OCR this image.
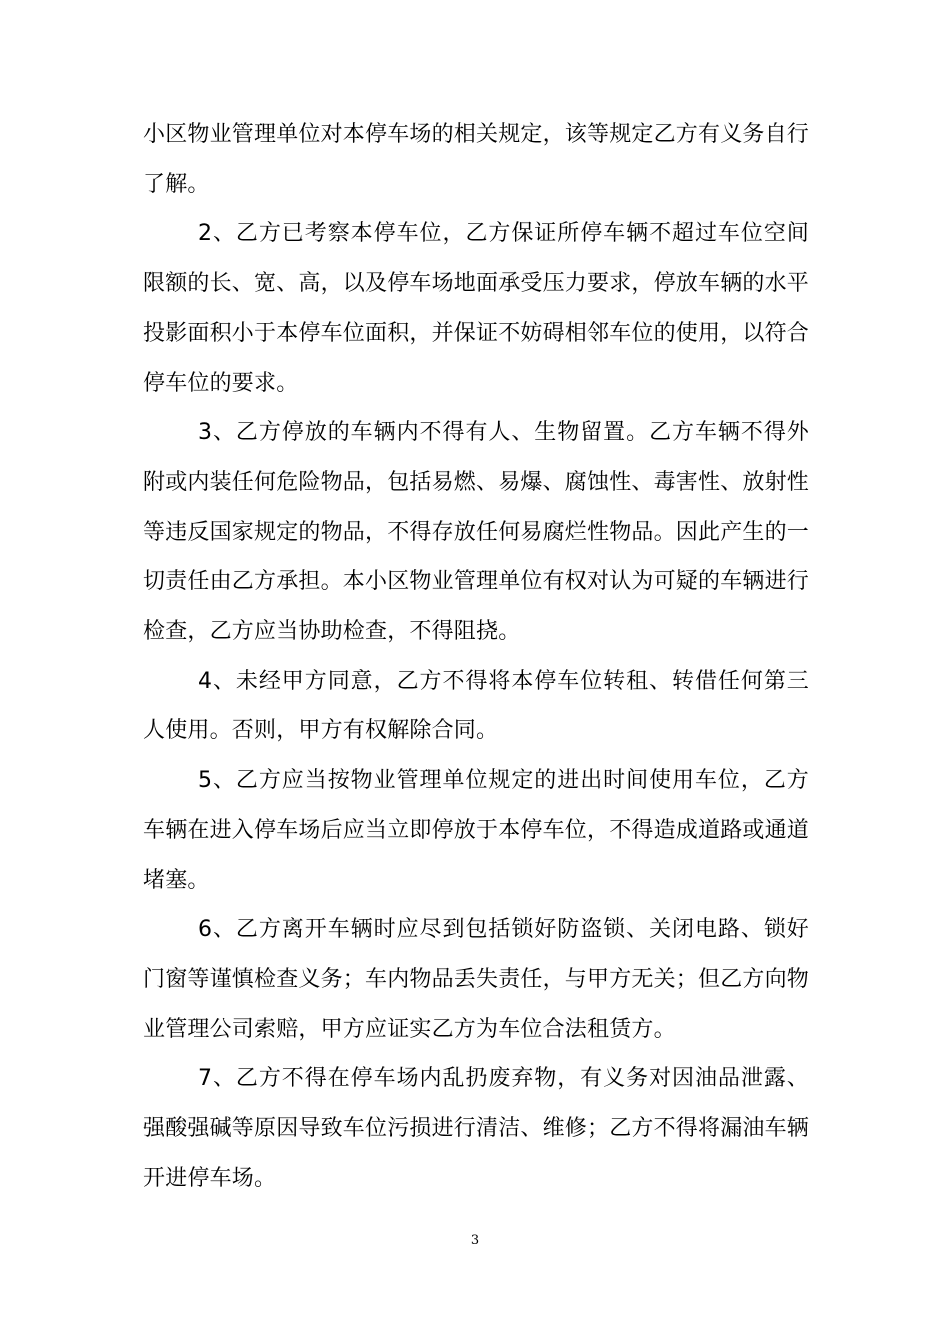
小区物业管理单位对本停车场的相关规定，该等规定乙方有义务自行了解。

2、乙方已考察本停车位，乙方保证所停车辆不超过车位空间限额的长、宽、高，以及停车场地面承受压力要求，停放车辆的水平投影面积小于本停车位面积，并保证不妨碍相邻车位的使用，以符合停车位的要求。

3、乙方停放的车辆内不得有人、生物留置。乙方车辆不得外附或内装任何危险物品，包括易燃、易爆、腐蚀性、毒害性、放射性等违反国家规定的物品，不得存放任何易腐烂性物品。因此产生的一切责任由乙方承担。本小区物业管理单位有权对认为可疑的车辆进行检查，乙方应当协助检查，不得阻挠。

4、未经甲方同意，乙方不得将本停车位转租、转借任何第三人使用。否则，甲方有权解除合同。

5、乙方应当按物业管理单位规定的进出时间使用车位，乙方车辆在进入停车场后应当立即停放于本停车位，不得造成道路或通道堵塞。

6、乙方离开车辆时应尽到包括锁好防盗锁、关闭电路、锁好门窗等谨慎检查义务；车内物品丢失责任，与甲方无关；但乙方向物业管理公司索赔，甲方应证实乙方为车位合法租赁方。

7、乙方不得在停车场内乱扔废弃物，有义务对因油品泄露、强酸强碱等原因导致车位污损进行清洁、维修；乙方不得将漏油车辆开进停车场。

3
